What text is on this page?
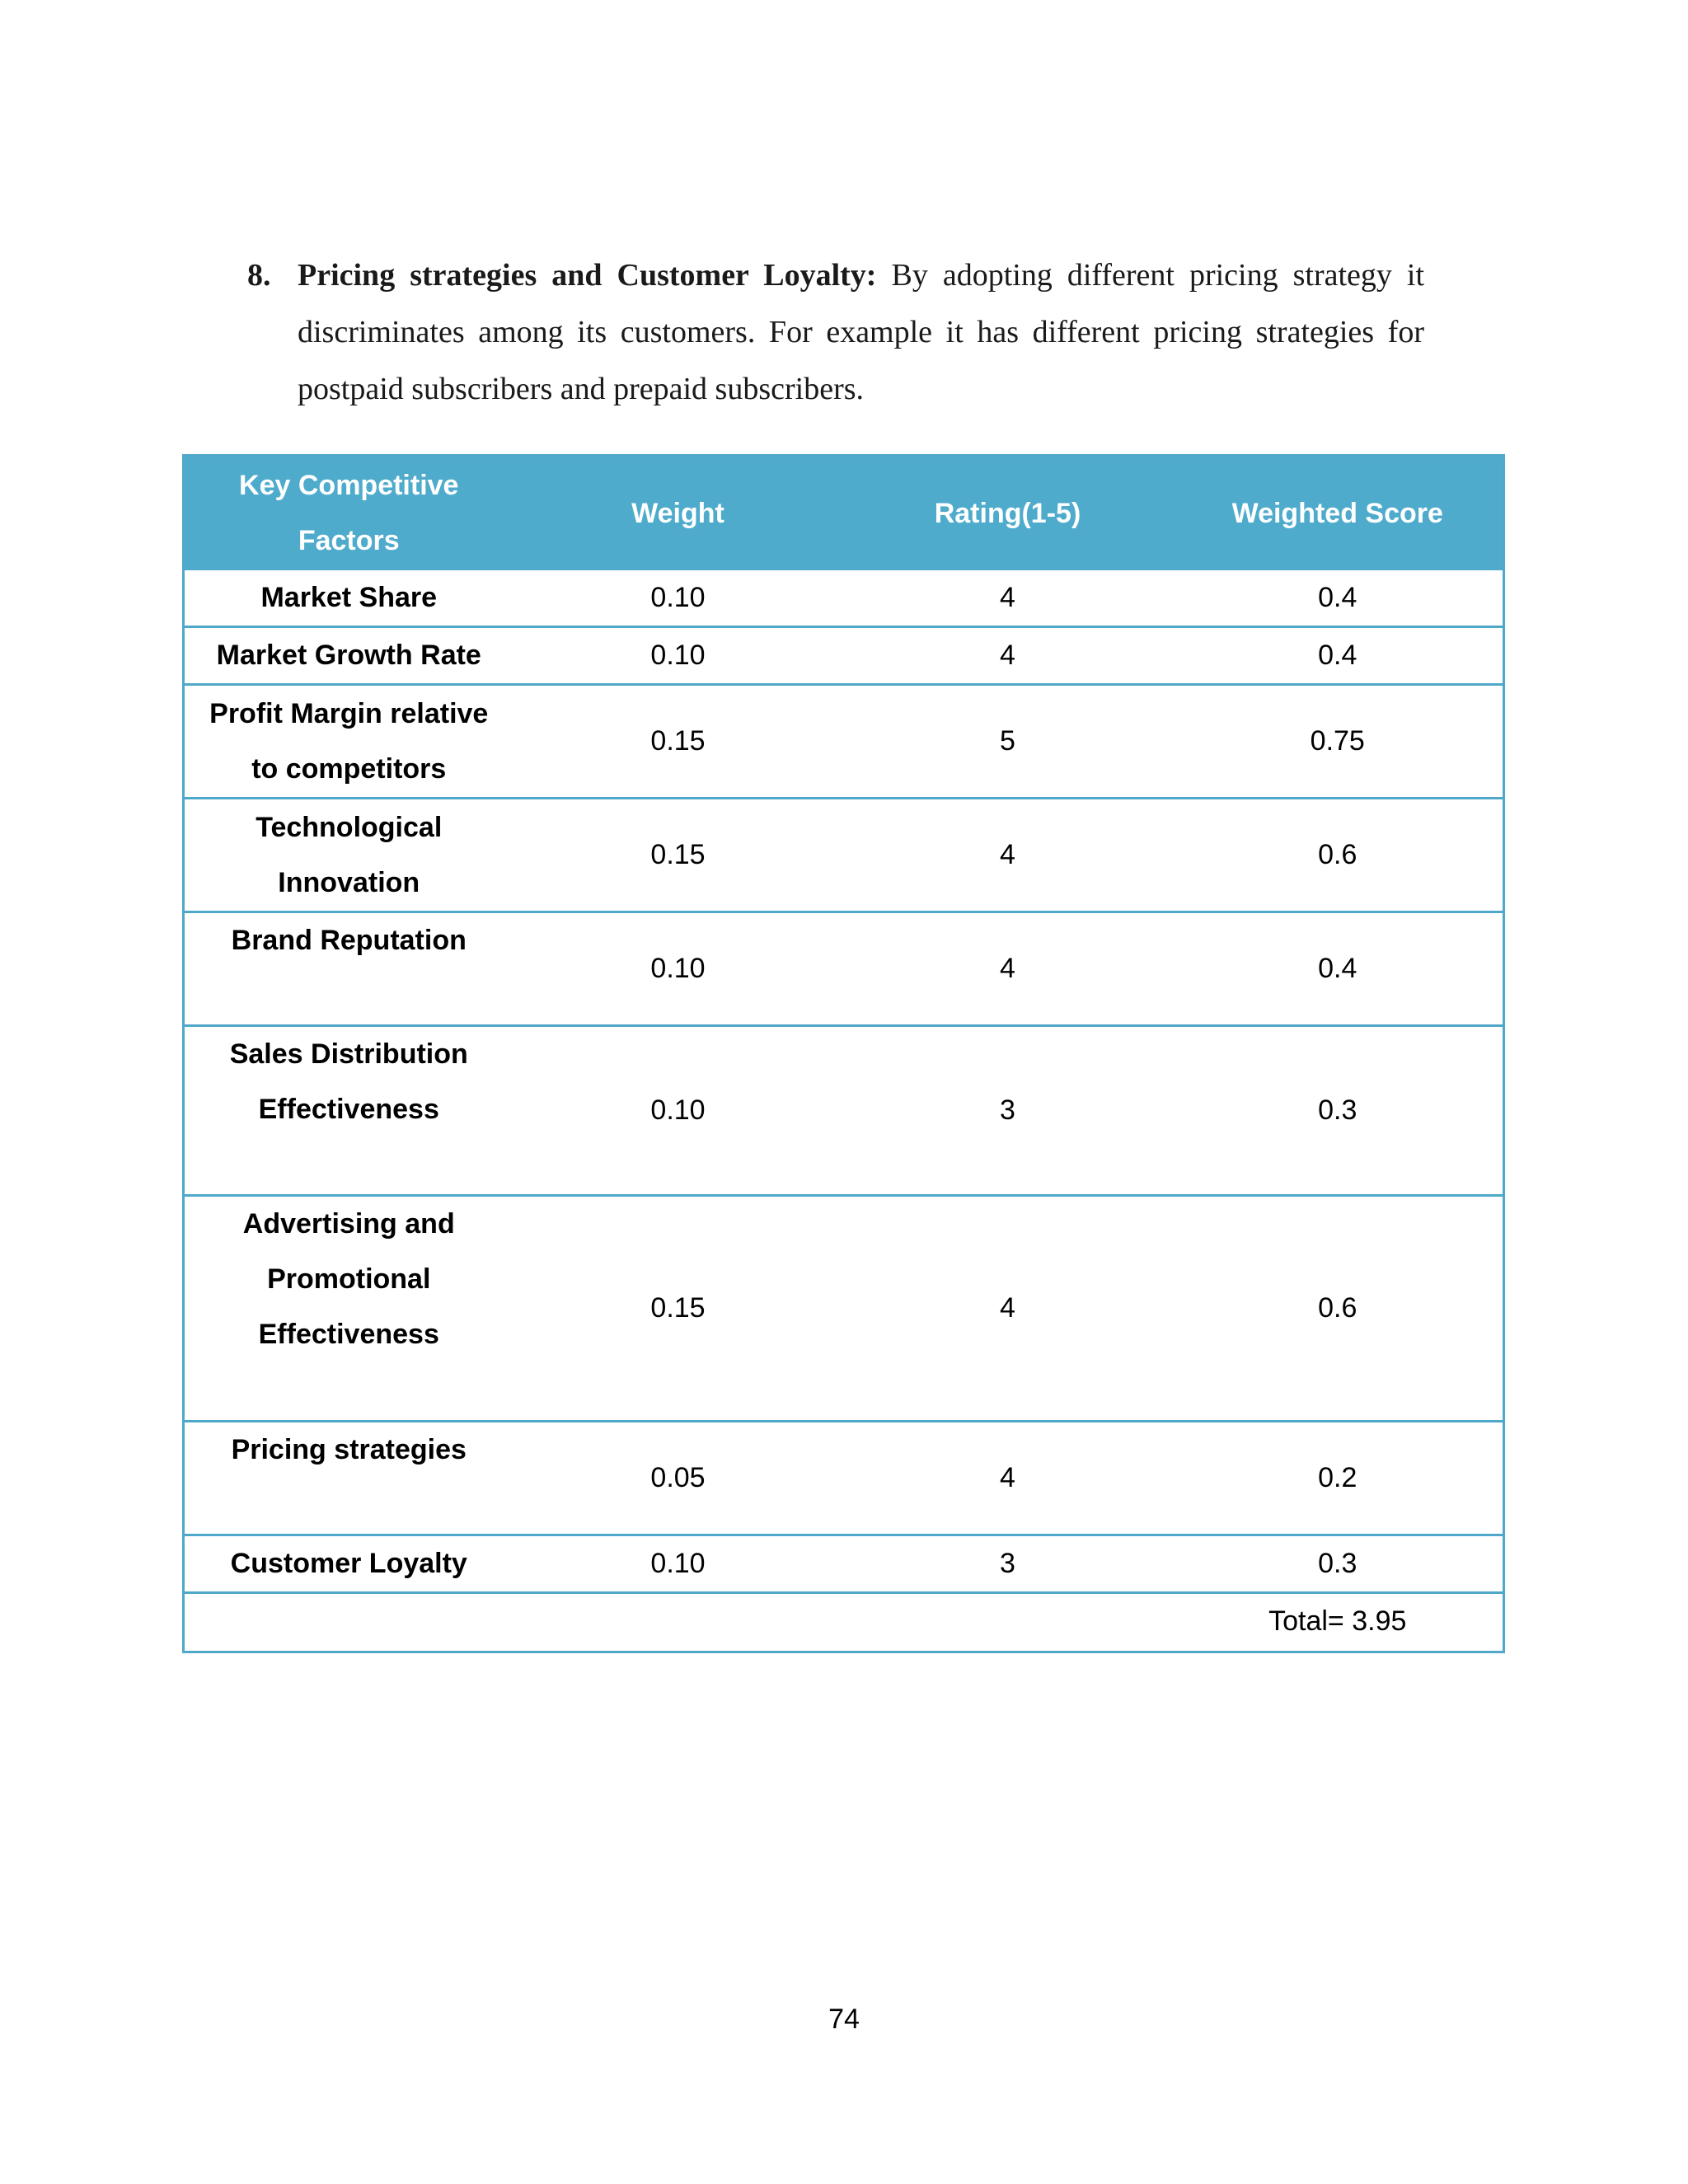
8. Pricing strategies and Customer Loyalty: By adopting different pricing strategy it discriminates among its customers. For example it has different pricing strategies for postpaid subscribers and prepaid subscribers.
Key Competitive Factors	Weight	Rating(1-5)	Weighted Score
Market Share	0.10	4	0.4
Market Growth Rate	0.10	4	0.4
Profit Margin relative to competitors	0.15	5	0.75
Technological Innovation	0.15	4	0.6
Brand Reputation	0.10	4	0.4
Sales Distribution Effectiveness	0.10	3	0.3
Advertising and Promotional Effectiveness	0.15	4	0.6
Pricing strategies	0.05	4	0.2
Customer Loyalty	0.10	3	0.3
			Total= 3.95
74
